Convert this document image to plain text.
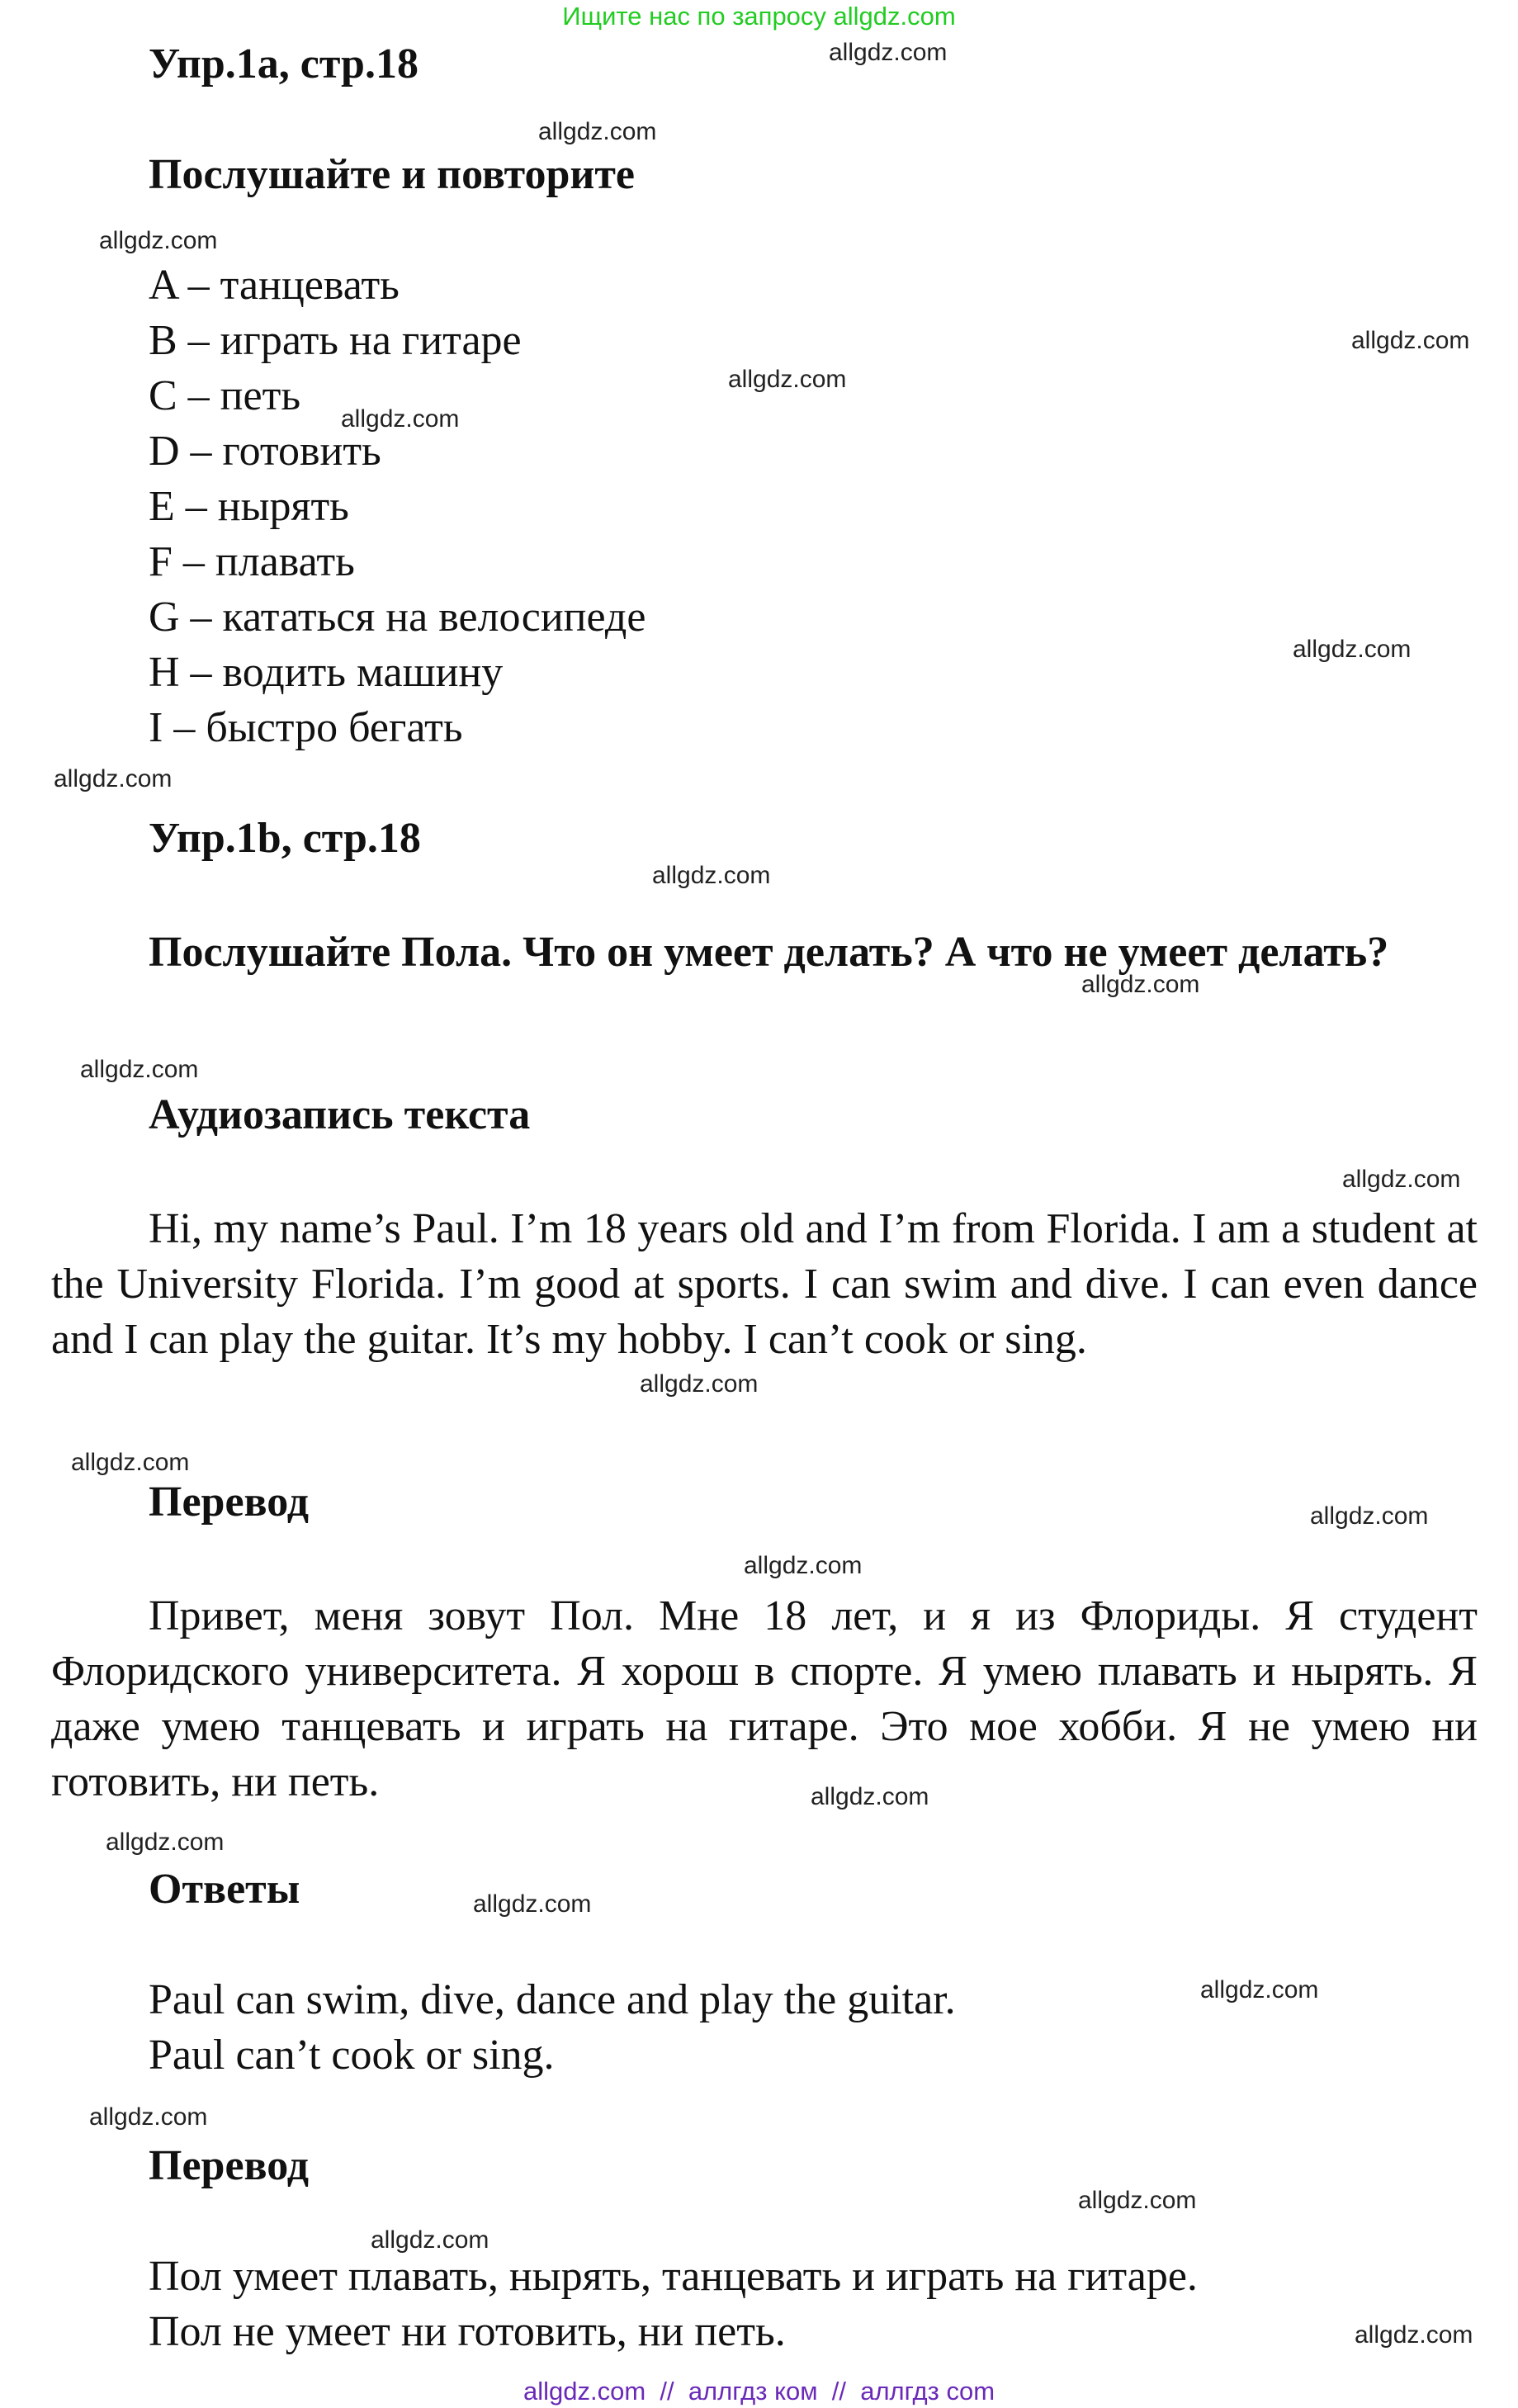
Ищите нас по запросу allgdz.com
Упр.1a, стр.18
Послушайте и повторите
A – танцевать
B – играть на гитаре
C – петь
D – готовить
E – нырять
F – плавать
G – кататься на велосипеде
H – водить машину
I – быстро бегать
Упр.1b, стр.18
Послушайте Пола. Что он умеет делать? А что не умеет делать?
Аудиозапись текста
Hi, my name’s Paul. I’m 18 years old and I’m from Florida. I am a student at the University Florida. I’m good at sports. I can swim and dive. I can even dance and I can play the guitar. It’s my hobby. I can’t cook or sing.
Перевод
Привет, меня зовут Пол. Мне 18 лет, и я из Флориды. Я студент Флоридского университета. Я хорош в спорте. Я умею плавать и нырять. Я даже умею танцевать и играть на гитаре. Это мое хобби. Я не умею ни готовить, ни петь.
Ответы
Paul can swim, dive, dance and play the guitar.
Paul can’t cook or sing.
Перевод
Пол умеет плавать, нырять, танцевать и играть на гитаре.
Пол не умеет ни готовить, ни петь.
allgdz.com
allgdz.com
allgdz.com
allgdz.com
allgdz.com
allgdz.com
allgdz.com
allgdz.com
allgdz.com
allgdz.com
allgdz.com
allgdz.com
allgdz.com
allgdz.com
allgdz.com
allgdz.com
allgdz.com
allgdz.com
allgdz.com
allgdz.com
allgdz.com
allgdz.com
allgdz.com
allgdz.com
allgdz.com  //  аллгдз ком  //  аллгдз com
